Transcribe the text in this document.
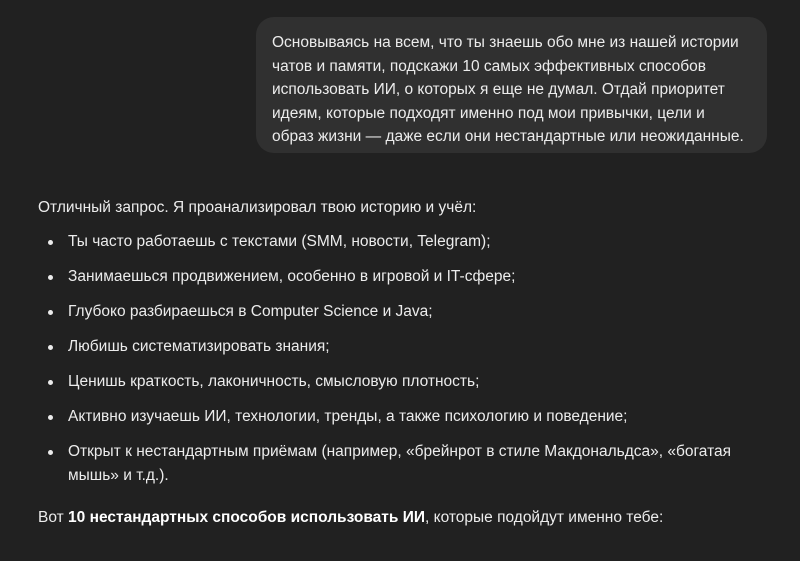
Основываясь на всем, что ты знаешь обо мне из нашей истории
чатов и памяти, подскажи 10 самых эффективных способов
использовать ИИ, о которых я еще не думал. Отдай приоритет
идеям, которые подходят именно под мои привычки, цели и
образ жизни — даже если они нестандартные или неожиданные.

Отличный запрос. Я проанализировал твою историю и учёл:

Ты часто работаешь с текстами (SMM, новости, Telegram);
Занимаешься продвижением, особенно в игровой и IT-сфере;
Глубоко разбираешься в Computer Science и Java;
Любишь систематизировать знания;
Ценишь краткость, лаконичность, смысловую плотность;
Активно изучаешь ИИ, технологии, тренды, а также психологию и поведение;
Открыт к нестандартным приёмам (например, «брейнрот в стиле Макдональдса», «богатая
мышь» и т.д.).

Вот 10 нестандартных способов использовать ИИ, которые подойдут именно тебе:
